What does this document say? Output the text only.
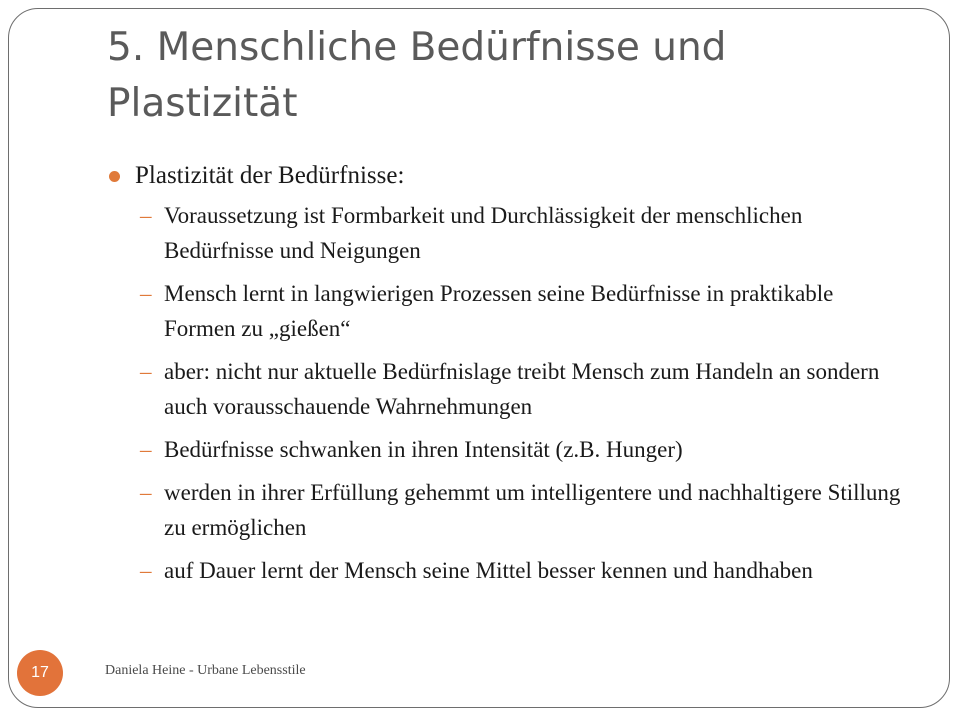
5. Menschliche Bedürfnisse und Plastizität
Plastizität der Bedürfnisse:
– Voraussetzung ist Formbarkeit und Durchlässigkeit der menschlichen Bedürfnisse und Neigungen
– Mensch lernt in langwierigen Prozessen seine Bedürfnisse in praktikable Formen zu „gießen“
– aber: nicht nur aktuelle Bedürfnislage treibt Mensch zum Handeln an sondern auch vorausschauende Wahrnehmungen
– Bedürfnisse schwanken in ihren Intensität (z.B. Hunger)
– werden in ihrer Erfüllung gehemmt um intelligentere und nachhaltigere Stillung zu ermöglichen
– auf Dauer lernt der Mensch seine Mittel besser kennen und handhaben
17	Daniela Heine - Urbane Lebensstile
